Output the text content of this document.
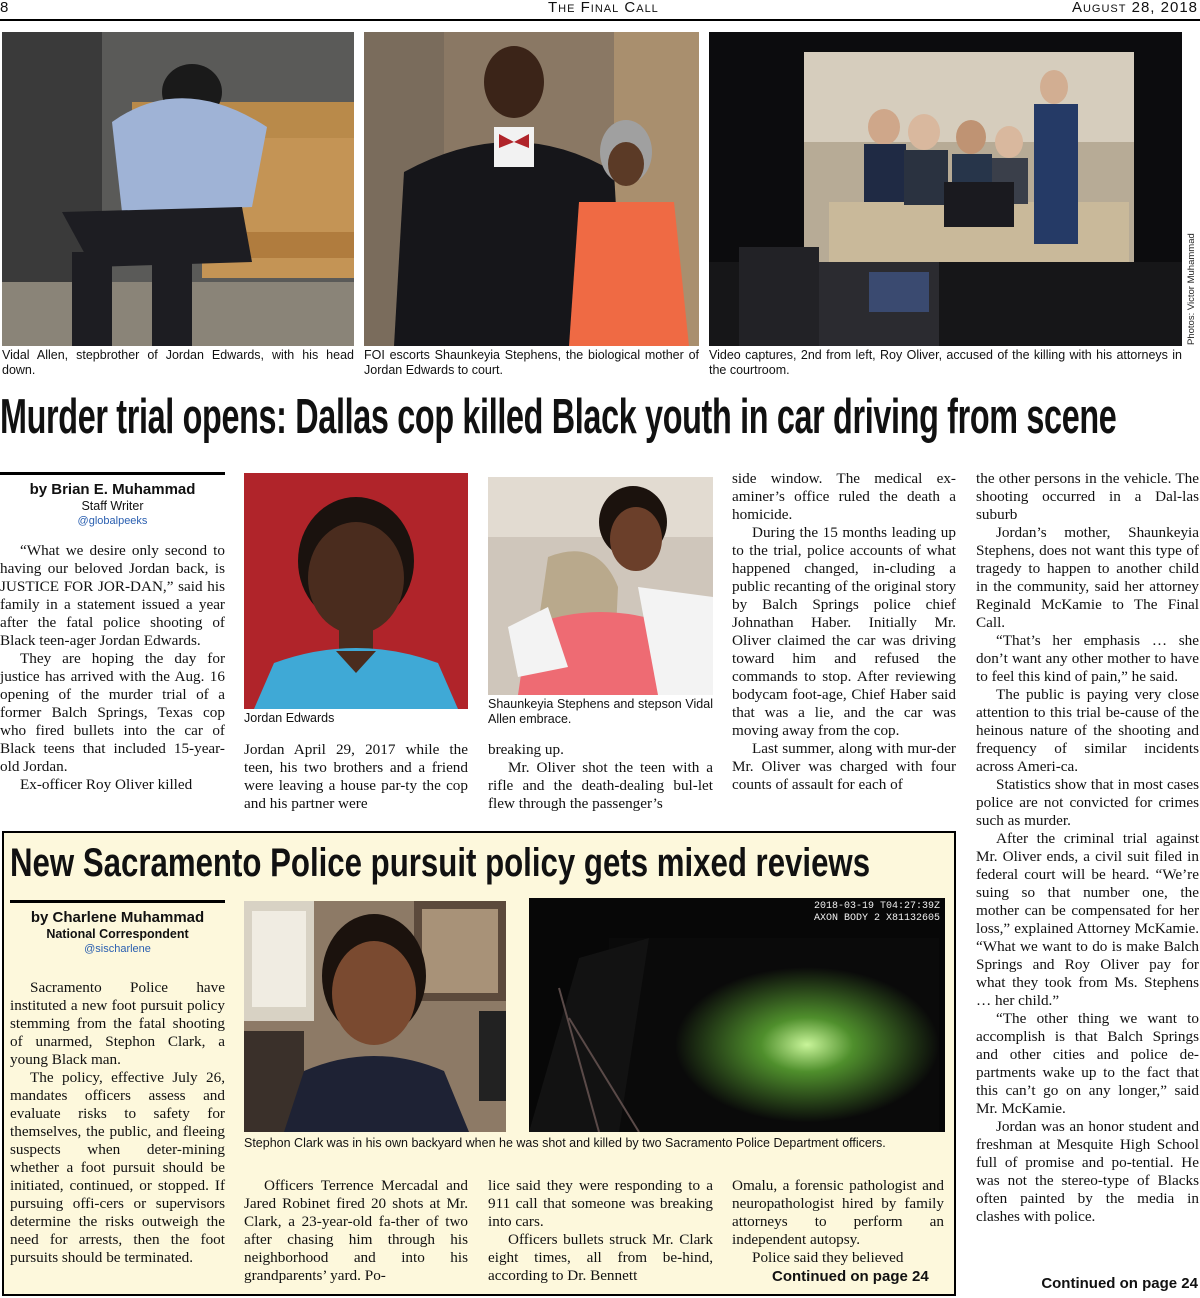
8	The Final Call	August 28, 2018
Photos: Victor Muhammad
Vidal Allen, stepbrother of Jordan Edwards, with his head down.
FOI escorts Shaunkeyia Stephens, the biological mother of Jordan Edwards to court.
Video captures, 2nd from left, Roy Oliver, accused of the killing with his attorneys in the courtroom.
Murder trial opens: Dallas cop killed Black youth in car driving from scene
by Brian E. Muhammad
Staff Writer
@globalpeeks

“What we desire only second to having our beloved Jordan back, is JUSTICE FOR JOR-DAN,” said his family in a statement issued a year after the fatal police shooting of Black teen-ager Jordan Edwards.

They are hoping the day for justice has arrived with the Aug. 16 opening of the murder trial of a former Balch Springs, Texas cop who fired bullets into the car of Black teens that included 15-year-old Jordan.

Ex-officer Roy Oliver killed

Jordan Edwards

Jordan April 29, 2017 while the teen, his two brothers and a friend were leaving a house par-ty the cop and his partner were

Shaunkeyia Stephens and stepson Vidal Allen embrace.

breaking up.

Mr. Oliver shot the teen with a rifle and the death-dealing bul-let flew through the passenger’s

side window. The medical ex-aminer’s office ruled the death a homicide.

During the 15 months leading up to the trial, police accounts of what happened changed, in-cluding a public recanting of the original story by Balch Springs police chief Johnathan Haber. Initially Mr. Oliver claimed the car was driving toward him and refused the commands to stop. After reviewing bodycam foot-age, Chief Haber said that was a lie, and the car was moving away from the cop.

Last summer, along with mur-der Mr. Oliver was charged with four counts of assault for each of

the other persons in the vehicle. The shooting occurred in a Dal-las suburb

Jordan’s mother, Shaunkeyia Stephens, does not want this type of tragedy to happen to another child in the community, said her attorney Reginald McKamie to The Final Call.

“That’s her emphasis … she don’t want any other mother to have to feel this kind of pain,” he said.

The public is paying very close attention to this trial be-cause of the heinous nature of the shooting and frequency of similar incidents across Ameri-ca.

Statistics show that in most cases police are not convicted for crimes such as murder.

After the criminal trial against Mr. Oliver ends, a civil suit filed in federal court will be heard. “We’re suing so that number one, the mother can be compensated for her loss,” explained Attorney McKamie. “What we want to do is make Balch Springs and Roy Oliver pay for what they took from Ms. Stephens … her child.”

“The other thing we want to accomplish is that Balch Springs and other cities and police de-partments wake up to the fact that this can’t go on any longer,” said Mr. McKamie.

Jordan was an honor student and freshman at Mesquite High School full of promise and po-tential. He was not the stereo-type of Blacks often painted by the media in clashes with police.

Continued on page 24
New Sacramento Police pursuit policy gets mixed reviews
by Charlene Muhammad
National Correspondent
@sischarlene

Sacramento Police have instituted a new foot pursuit policy stemming from the fatal shooting of unarmed, Stephon Clark, a young Black man.

The policy, effective July 26, mandates officers assess and evaluate risks to safety for themselves, the public, and fleeing suspects when deter-mining whether a foot pursuit should be initiated, continued, or stopped. If pursuing offi-cers or supervisors determine the risks outweigh the need for arrests, then the foot pursuits should be terminated.

2018-03-19 T04:27:39Z
AXON BODY 2 X81132605
Stephon Clark was in his own backyard when he was shot and killed by two Sacramento Police Department officers.

Officers Terrence Mercadal and Jared Robinet fired 20 shots at Mr. Clark, a 23-year-old fa-ther of two after chasing him through his neighborhood and into his grandparents’ yard. Po-

lice said they were responding to a 911 call that someone was breaking into cars.

Officers bullets struck Mr. Clark eight times, all from be-hind, according to Dr. Bennett

Omalu, a forensic pathologist and neuropathologist hired by family attorneys to perform an independent autopsy.

Police said they believed

Continued on page 24
